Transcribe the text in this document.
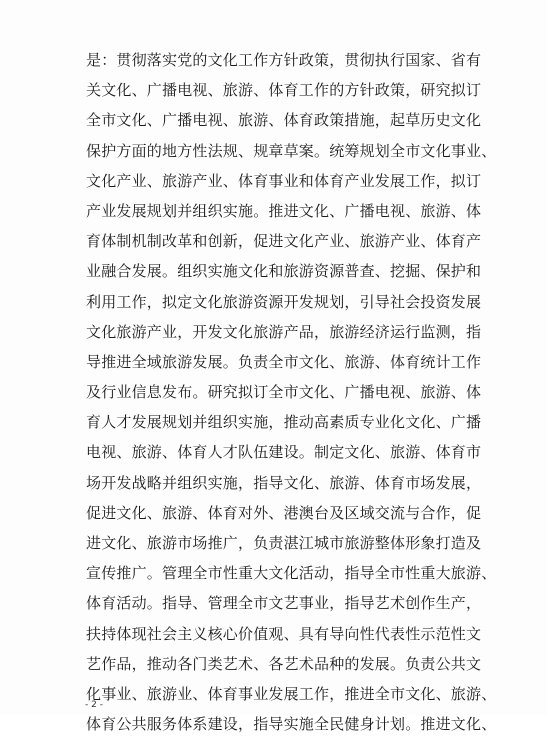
是：贯彻落实党的文化工作方针政策，贯彻执行国家、省有
关文化、广播电视、旅游、体育工作的方针政策，研究拟订
全市文化、广播电视、旅游、体育政策措施，起草历史文化
保护方面的地方性法规、规章草案。统筹规划全市文化事业、
文化产业、旅游产业、体育事业和体育产业发展工作，拟订
产业发展规划并组织实施。推进文化、广播电视、旅游、体
育体制机制改革和创新，促进文化产业、旅游产业、体育产
业融合发展。组织实施文化和旅游资源普查、挖掘、保护和
利用工作，拟定文化旅游资源开发规划，引导社会投资发展
文化旅游产业，开发文化旅游产品，旅游经济运行监测，指
导推进全域旅游发展。负责全市文化、旅游、体育统计工作
及行业信息发布。研究拟订全市文化、广播电视、旅游、体
育人才发展规划并组织实施，推动高素质专业化文化、广播
电视、旅游、体育人才队伍建设。制定文化、旅游、体育市
场开发战略并组织实施，指导文化、旅游、体育市场发展，
促进文化、旅游、体育对外、港澳台及区域交流与合作，促
进文化、旅游市场推广，负责湛江城市旅游整体形象打造及
宣传推广。管理全市性重大文化活动，指导全市性重大旅游、
体育活动。指导、管理全市文艺事业，指导艺术创作生产，
扶持体现社会主义核心价值观、具有导向性代表性示范性文
艺作品，推动各门类艺术、各艺术品种的发展。负责公共文
化事业、旅游业、体育事业发展工作，推进全市文化、旅游、
体育公共服务体系建设，指导实施全民健身计划。推进文化、
- 2 -
